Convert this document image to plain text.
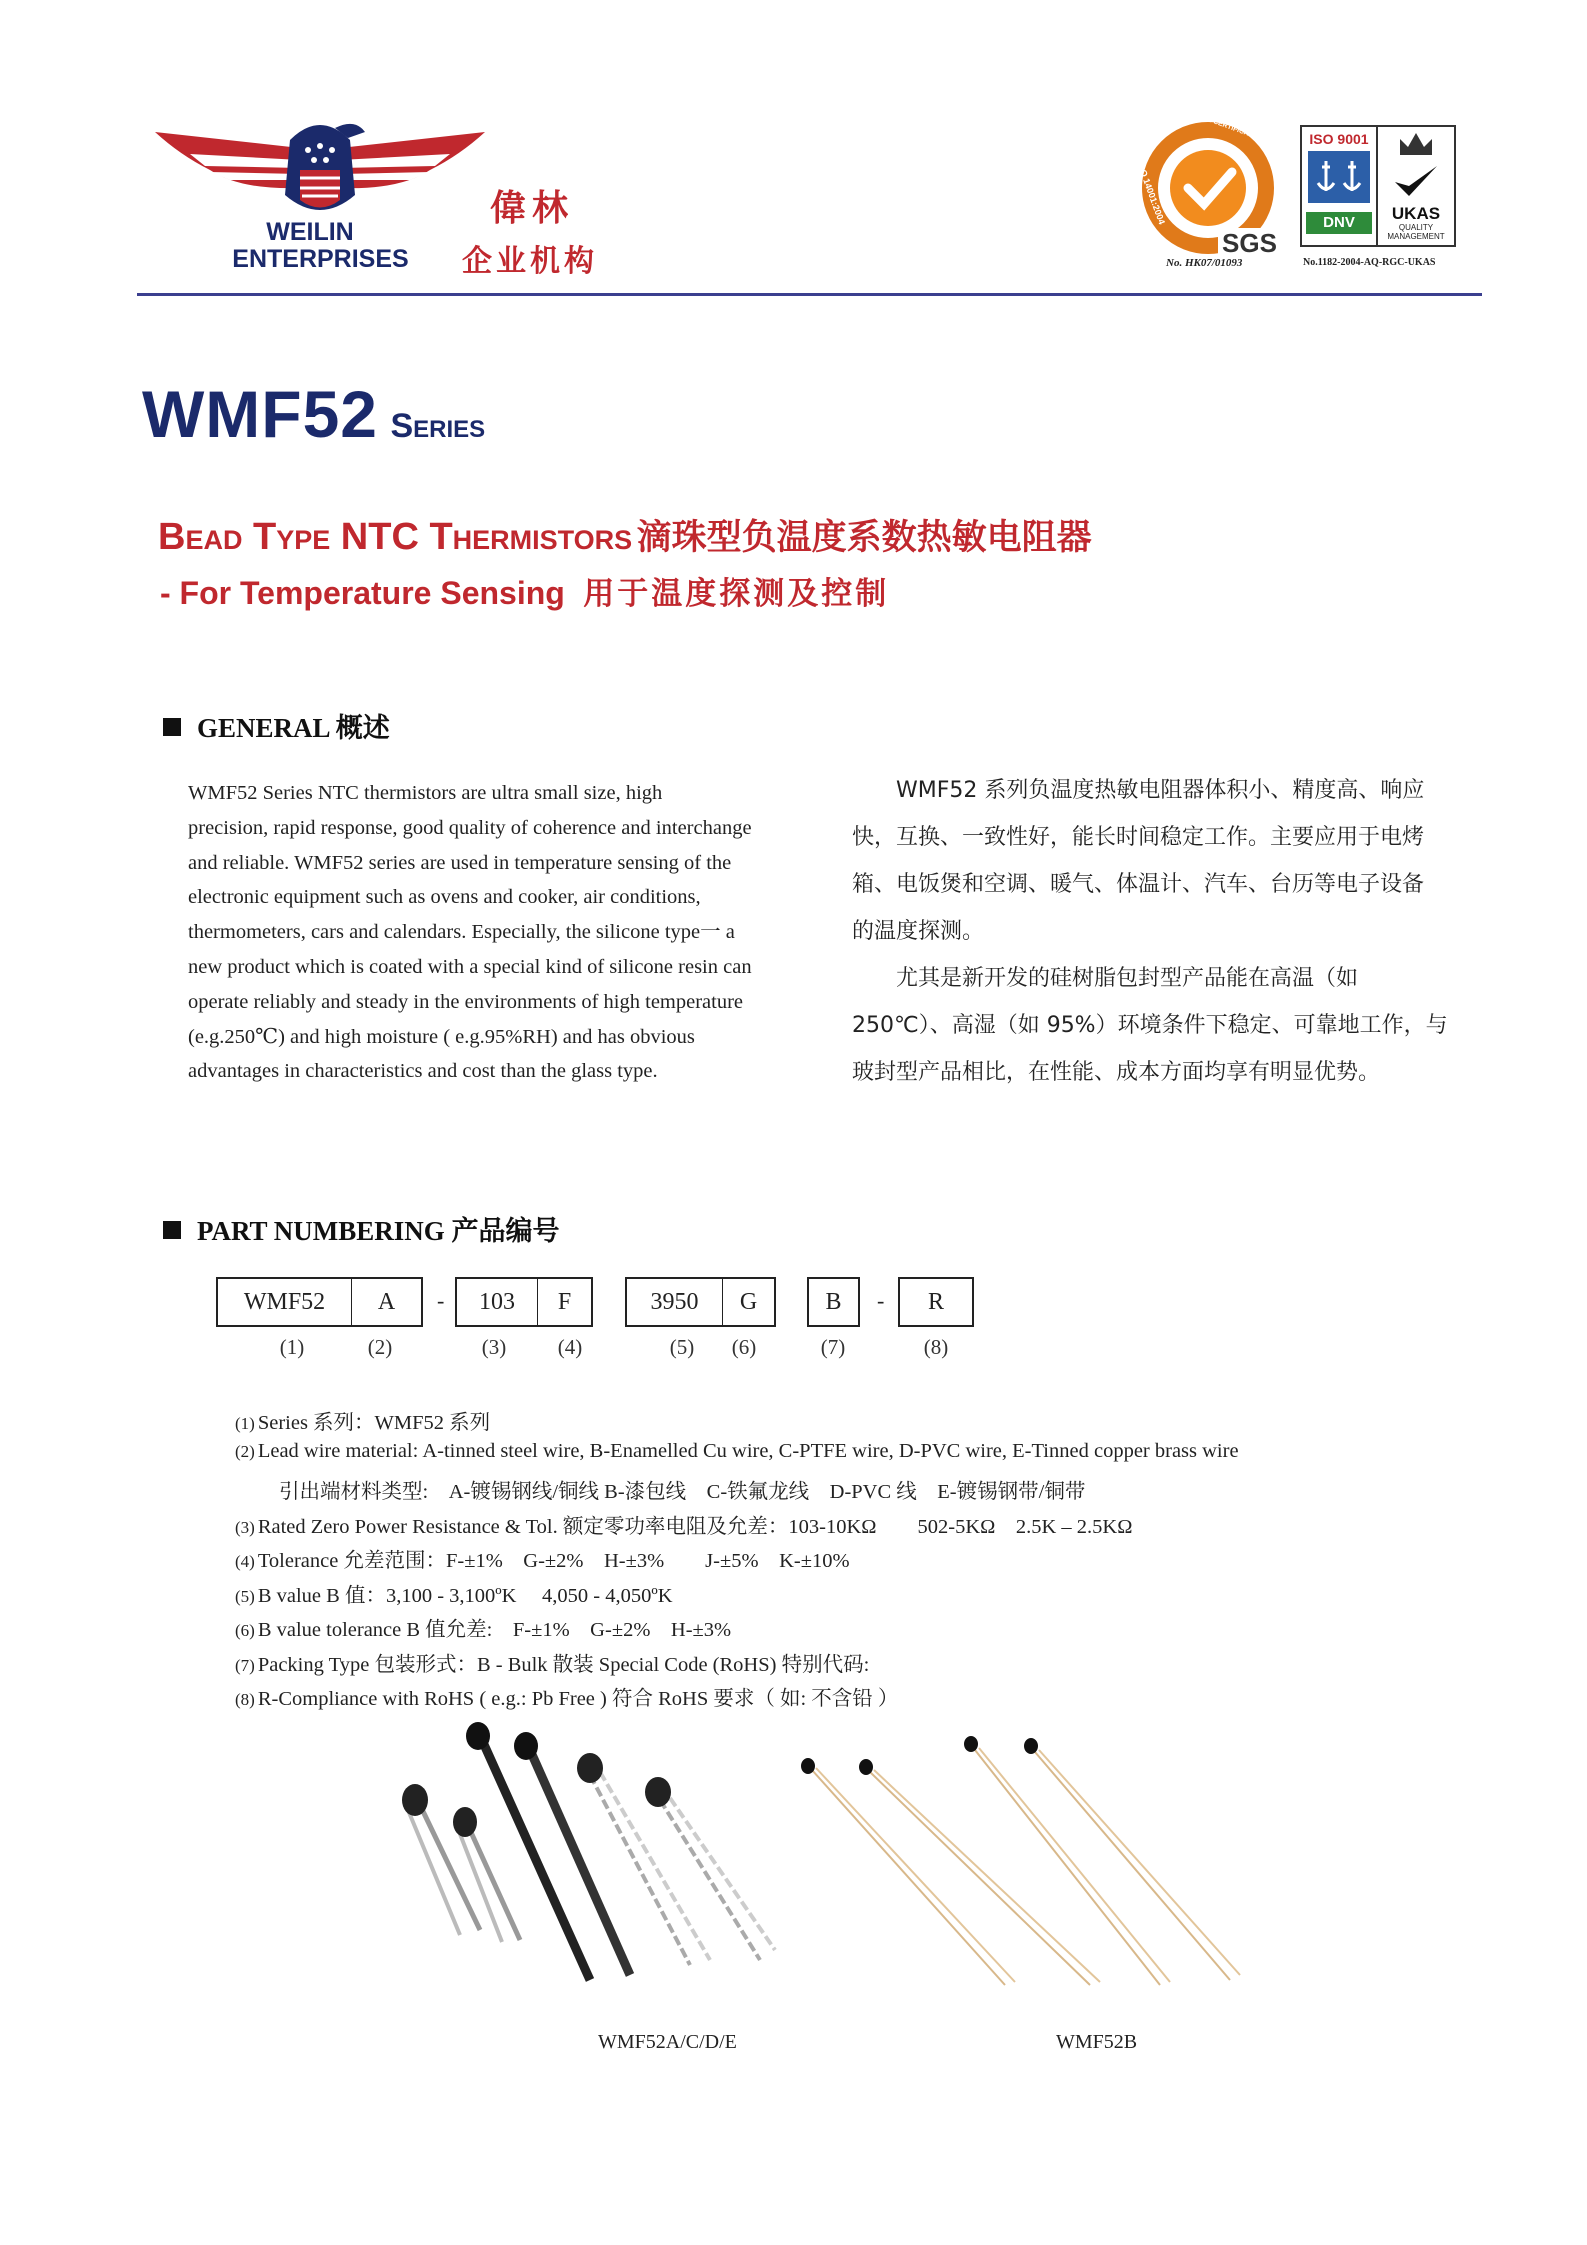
WEILIN
ENTERPRISES
偉林
企业机构
SGS
SYSTEM CERTIFICATION
ISO 14001:2004
No. HK07/01093
ISO 9001
DNV
	UKAS
QUALITY
MANAGEMENT
No.1182-2004-AQ-RGC-UKAS
WMF52 Series
Bead Type NTC Thermistors 滴珠型负温度系数热敏电阻器
- For Temperature Sensing 用于温度探测及控制
GENERAL 概述
WMF52 Series NTC thermistors are ultra small size, high
precision, rapid response, good quality of coherence and interchange
and reliable. WMF52 series are used in temperature sensing of the
electronic equipment such as ovens and cooker, air conditions,
thermometers, cars and calendars. Especially, the silicone type一 a
new product which is coated with a special kind of silicone resin can
operate reliably and steady in the environments of high temperature
(e.g.250℃) and high moisture ( e.g.95%RH) and has obvious
advantages in characteristics and cost than the glass type.
　　WMF52 系列负温度热敏电阻器体积小、精度高、响应
快，互换、一致性好，能长时间稳定工作。主要应用于电烤
箱、电饭煲和空调、暖气、体温计、汽车、台历等电子设备
的温度探测。
　　尤其是新开发的硅树脂包封型产品能在高温（如
250℃）、高湿（如 95%）环境条件下稳定、可靠地工作，与
玻封型产品相比，在性能、成本方面均享有明显优势。
PART NUMBERING 产品编号
WMF52	A	-	103	F	3950	G	B	-	R
(1)	(2)	(3)	(4)	(5)	(6)	(7)	(8)
(1) Series 系列：WMF52 系列
(2) Lead wire material: A-tinned steel wire, B-Enamelled Cu wire, C-PTFE wire, D-PVC wire, E-Tinned copper brass wire
　　引出端材料类型:　A-镀锡钢线/铜线 B-漆包线　C-铁氟龙线　D-PVC 线　E-镀锡钢带/铜带
(3) Rated Zero Power Resistance & Tol. 额定零功率电阻及允差：103-10KΩ　　502-5KΩ　2.5K – 2.5KΩ
(4) Tolerance 允差范围：F-±1%　G-±2%　H-±3%　　J-±5%　K-±10%
(5) B value B 值：3,100 - 3,100ºK　 4,050 - 4,050ºK
(6) B value tolerance B 值允差:　F-±1%　G-±2%　H-±3%
(7) Packing Type 包装形式：B - Bulk 散装 Special Code (RoHS) 特别代码:
(8) R-Compliance with RoHS ( e.g.: Pb Free ) 符合 RoHS 要求（ 如: 不含铅 ）
WMF52A/C/D/E	WMF52B
